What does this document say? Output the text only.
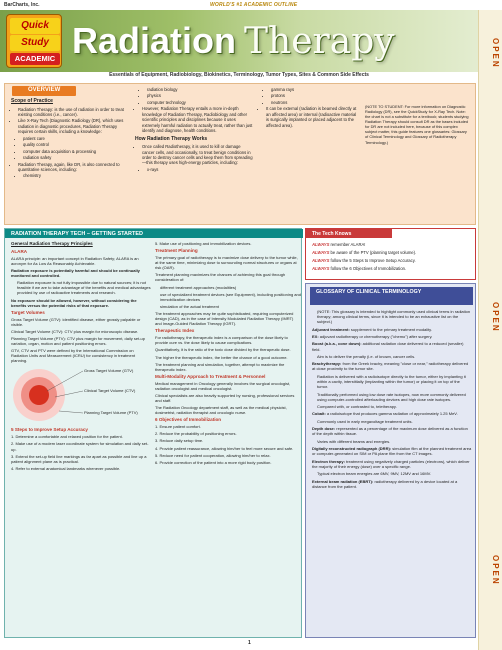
BarCharts, Inc.	WORLD'S #1 ACADEMIC OUTLINE
Quick
Study
ACADEMIC Radiation Therapy
Essentials of Equipment, Radiobiology, Biokinetics, Terminology, Tumor Types, Sites & Common Side Effects
OPEN
OPEN
OPEN
OVERVIEW
Scope of Practice
• Radiation Therapy: is the use of radiation in order to treat existing conditions (i.e., cancer).
• Like X-Ray Tech (Diagnostic Radiology (DR), which uses radiation in diagnostic procedures, Radiation Therapy requires certain skills, including a knowledge:
• patient care
• quality control
• computer data acquisition & processing
• radiation safety
• Radiation Therapy, again, like DR, is also connected to quantitative sciences, including:
• chemistry
• radiation biology
• physics
• computer technology
• However, Radiation Therapy entails a more in-depth knowledge of Radiation Therapy, Radiobiology and other scientific principles and disciplines because it uses extremely harmful radiation to actually treat, rather than just identify and diagnose, health conditions.
How Radiation Therapy Works
• Once called Radiotherapy, it is used to kill or damage cancer cells, and occasionally, to treat benign conditions in order to destroy cancer cells and keep them from spreading—this therapy uses high-energy particles, including:
• x-rays
• gamma rays
• protons
• neutrons
• It can be external (radiation is beamed directly at an affected area) or internal (radioactive material is surgically implanted or placed adjacent to the affected area).
(NOTE TO STUDENT: For more information on Diagnostic Radiology (DR), see the QuickStudy for X-Ray Tech. Note: the chart is not a substitute for a textbook; students studying Radiation Therapy should consult DR as the bases included for DR are not included here, because of this complex subject matter, this guide features one glossaries: Glossary of Clinical Terminology and Glossary of Radiotherapy Terminology.)
RADIATION THERAPY TECH – GETTING STARTED
General Radiation Therapy Principles
ALARA
ALARA principle: an important concept in Radiation Safety; ALARA is an acronym for As Low As Reasonably Achievable.
Radiation exposure is potentially harmful and should be continually monitored and controlled.
Radiation exposure is not fully impossible due to natural sources; it is not feasible if we are to take advantage of the benefits and medical advantages provided by use of radioactive treatments and research.
No exposure should be allowed, however, without considering the benefits versus the potential risks of that exposure.
Target Volumes
Gross Target Volume (GTV): identified disease, either grossly palpable or visible.
Clinical Target Volume (CTV): CTV plus margin for microscopic disease.
Planning Target Volume (PTV): CTV plus margin for movement, daily set-up variation, organ, motion and patient positioning errors.
GTV, CTV and PTV were defined by the International Commission on Radiation Units and Measurement (ICRU) for consistency in treatment planning.
Gross Target Volume (GTV)
Clinical Target Volume (CTV)
Planning Target Volume (PTV)
5 Steps to Improve Setup Accuracy
1. Determine a comfortable and relaxed position for the patient.
2. Make use of a modern laser coordinate system for simulation and daily set-up.
3. Extend the set-up field line markings as far apart as possible and line up a patient alignment plane as is practical.
4. Refer to external anatomical landmarks whenever possible.
5. Make use of positioning and immobilization devices.
Treatment Planning
The primary goal of radiotherapy is to maximize dose delivery to the tumor while, at the same time, minimizing dose to surrounding normal structures or organs at risk (OAR).
Treatment planning maximizes the chances of achieving this goal through consideration of:
different treatment approaches (modalities)
use of specialized treatment devices (see Equipment), including positioning and immobilization devices
simulation of the actual treatment
The treatment approaches may be quite sophisticated, requiring computerized design (CAD), as in the case of Intensity Modulated Radiation Therapy (IMRT) and Image-Guided Radiation Therapy (IGRT).
Therapeutic Index
For radiotherapy, the therapeutic index is a comparison of the dose likely to provide cure vs. the dose likely to cause complications.
Quantitatively, it is the ratio of the toxic dose divided by the therapeutic dose.
The higher the therapeutic index, the better the chance of a good outcome.
The treatment planning and simulation, together, attempt to maximize the therapeutic index.
Multi-Modality Approach to Treatment & Personnel
Medical management in Oncology generally involves the surgical oncologist, radiation oncologist and medical oncologist.
Clinical specialists are also heavily supported by nursing, professional services and staff.
The Radiation Oncology department staff, as well as the medical physicist, dosimetrist, radiation therapist and oncologic nurse.
6 Objectives of Immobilization
1. Ensure patient comfort.
2. Reduce the probability of positioning errors.
3. Reduce daily setup time.
4. Provide patient reassurance, allowing him/her to feel more secure and safe.
5. Reduce need for patient cooperation, allowing him/her to relax.
6. Provide correction of the patient into a more rigid body position.
The Tech Knows
ALWAYS remember ALARA!
ALWAYS be aware of the PTV (planning target volume).
ALWAYS follow the 5 Steps to Improve Setup Accuracy.
ALWAYS follow the 6 Objectives of Immobilization.
GLOSSARY OF CLINICAL TERMINOLOGY

(NOTE: This glossary is intended to highlight commonly used clinical terms in radiation therapy; among clinical terms, since it is intended to be an exhaustive list on the subject.)

Adjuvant treatment: supplement to the primary treatment modality.

EX: adjuvant radiotherapy or chemotherapy ("chemo") after surgery.

Boost (a.k.a., cone down): additional radiation dose delivered to a reduced (smaller) field.

Aim is to deliver the penalty (i.e. of known, cancer cells.

Brachytherapy: from the Greek brachy, meaning "close or near," radiotherapy delivered at close proximity to the tumor site.

Radiation is delivered with a radioisotope directly to the tumor, either by implanting it within a cavity, interstitially (implanting within the tumor) or placing it on top of the tumor.

Traditionally performed using low dose rate isotopes, now more commonly delivered using computer-controlled afterloading devices and high dose rate isotopes.

Compared with, or contrasted to, teletherapy.

Cobalt: a radioisotope that produces gamma radiation of approximately 1.25 MeV.

Commonly used in early megavoltage treatment units.

Depth dose: represented as a percentage of the maximum dose delivered as a function of the depth within tissue.

Varies with different beams and energies.

Digitally reconstructed radiograph (DRR): simulation film at the planned treatment area or computer-generated on SIM or PA plane film from the CT images.

Electron therapy: treatment using negatively charged particles (electrons), which deliver the majority of their energy (dose) over a specific range.

Typical electron beam energies are 6MV, 9MV, 12MV and 16MV.

External beam radiation (EBRT): radiotherapy delivered by a device located at a distance from the patient.

1
